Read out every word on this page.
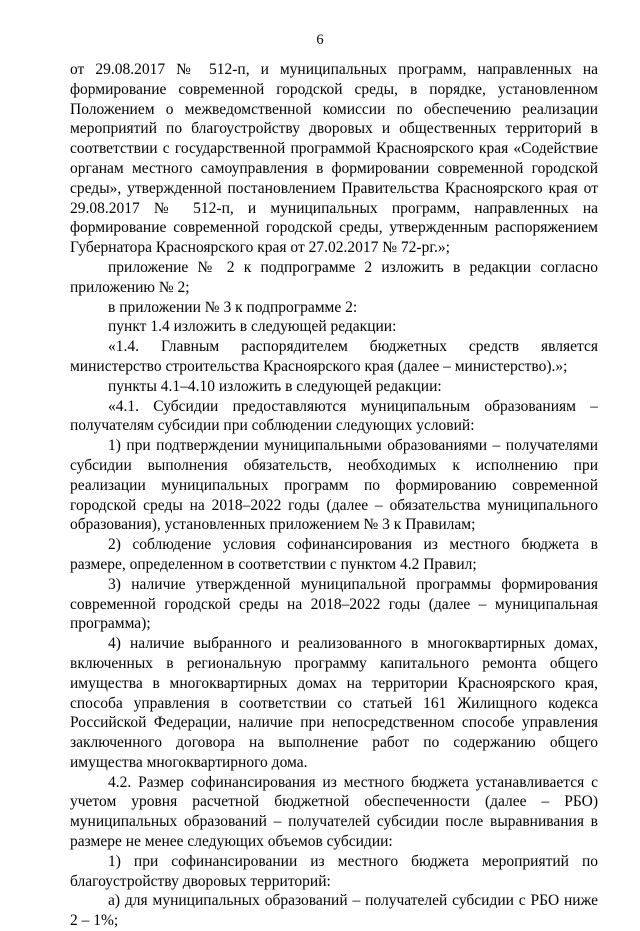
6

от 29.08.2017 № 512-п, и муниципальных программ, направленных на формирование современной городской среды, в порядке, установленном Положением о межведомственной комиссии по обеспечению реализации мероприятий по благоустройству дворовых и общественных территорий в соответствии с государственной программой Красноярского края «Содействие органам местного самоуправления в формировании современной городской среды», утвержденной постановлением Правительства Красноярского края от 29.08.2017 № 512-п, и муниципальных программ, направленных на формирование современной городской среды, утвержденным распоряжением Губернатора Красноярского края от 27.02.2017 № 72-рг.»;

приложение № 2 к подпрограмме 2 изложить в редакции согласно приложению № 2;

в приложении № 3 к подпрограмме 2:

пункт 1.4 изложить в следующей редакции:

«1.4. Главным распорядителем бюджетных средств является министерство строительства Красноярского края (далее – министерство).»;

пункты 4.1–4.10 изложить в следующей редакции:

«4.1. Субсидии предоставляются муниципальным образованиям – получателям субсидии при соблюдении следующих условий:

1) при подтверждении муниципальными образованиями – получателями субсидии выполнения обязательств, необходимых к исполнению при реализации муниципальных программ по формированию современной городской среды на 2018–2022 годы (далее – обязательства муниципального образования), установленных приложением № 3 к Правилам;

2) соблюдение условия софинансирования из местного бюджета в размере, определенном в соответствии с пунктом 4.2 Правил;

3) наличие утвержденной муниципальной программы формирования современной городской среды на 2018–2022 годы (далее – муниципальная программа);

4) наличие выбранного и реализованного в многоквартирных домах, включенных в региональную программу капитального ремонта общего имущества в многоквартирных домах на территории Красноярского края, способа управления в соответствии со статьей 161 Жилищного кодекса Российской Федерации, наличие при непосредственном способе управления заключенного договора на выполнение работ по содержанию общего имущества многоквартирного дома.

4.2. Размер софинансирования из местного бюджета устанавливается с учетом уровня расчетной бюджетной обеспеченности (далее – РБО) муниципальных образований – получателей субсидии после выравнивания в размере не менее следующих объемов субсидии:

1) при софинансировании из местного бюджета мероприятий по благоустройству дворовых территорий:

а) для муниципальных образований – получателей субсидии с РБО ниже 2 – 1%;
